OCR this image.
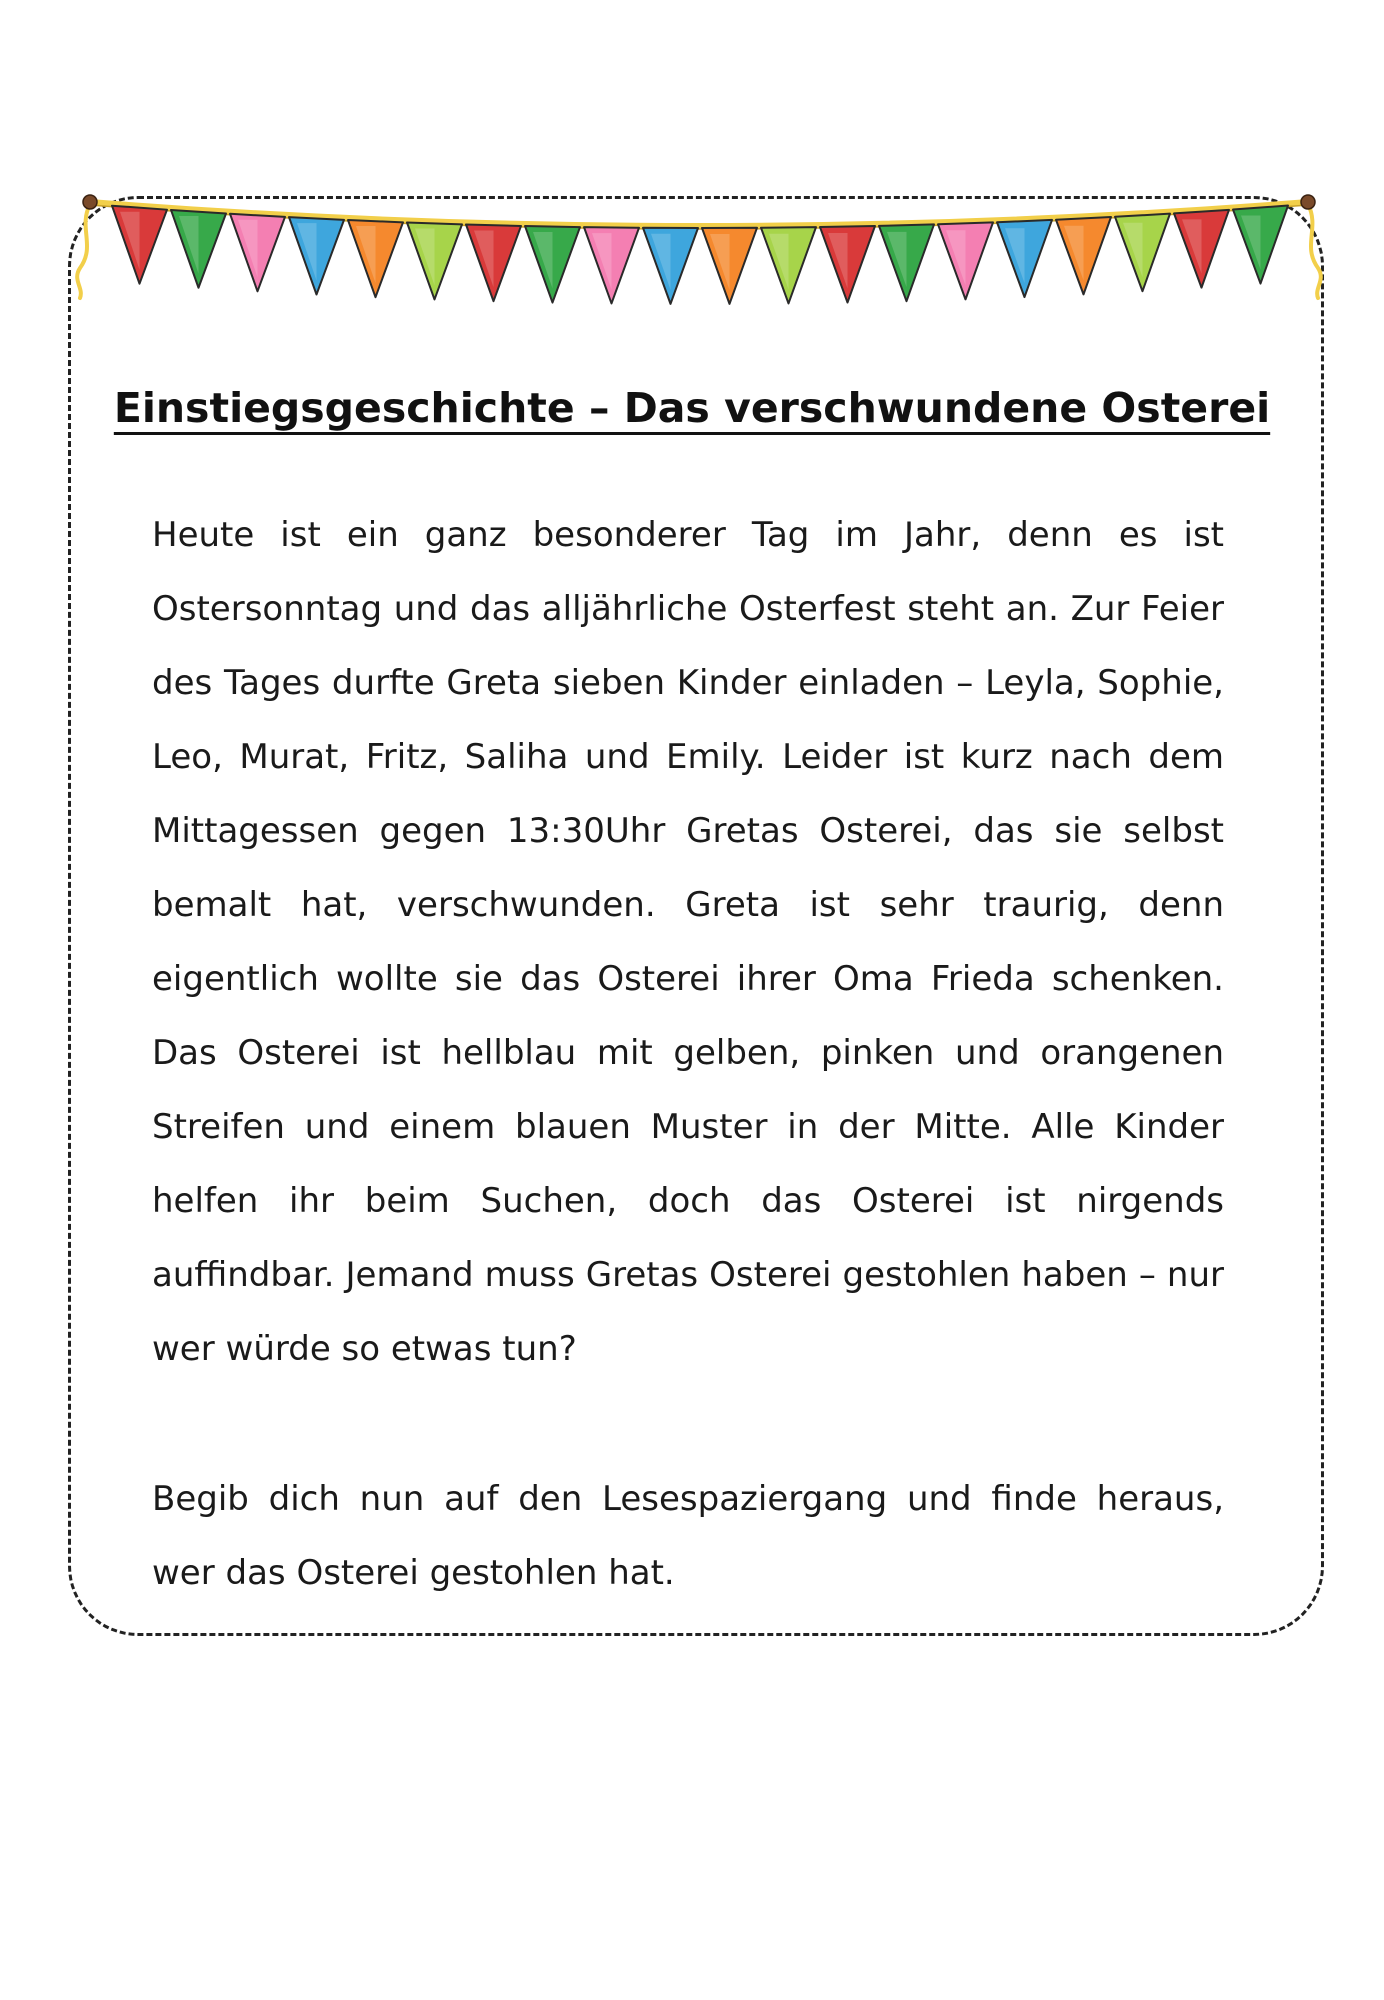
Einstiegsgeschichte – Das verschwundene Osterei

Heute ist ein ganz besonderer Tag im Jahr, denn es ist Ostersonntag und das alljährliche Osterfest steht an. Zur Feier des Tages durfte Greta sieben Kinder einladen – Leyla, Sophie, Leo, Murat, Fritz, Saliha und Emily. Leider ist kurz nach dem Mittagessen gegen 13:30Uhr Gretas Osterei, das sie selbst bemalt hat, verschwunden. Greta ist sehr traurig, denn eigentlich wollte sie das Osterei ihrer Oma Frieda schenken. Das Osterei ist hellblau mit gelben, pinken und orangenen Streifen und einem blauen Muster in der Mitte. Alle Kinder helfen ihr beim Suchen, doch das Osterei ist nirgends auffindbar. Jemand muss Gretas Osterei gestohlen haben – nur wer würde so etwas tun?

Begib dich nun auf den Lesespaziergang und finde heraus, wer das Osterei gestohlen hat.
